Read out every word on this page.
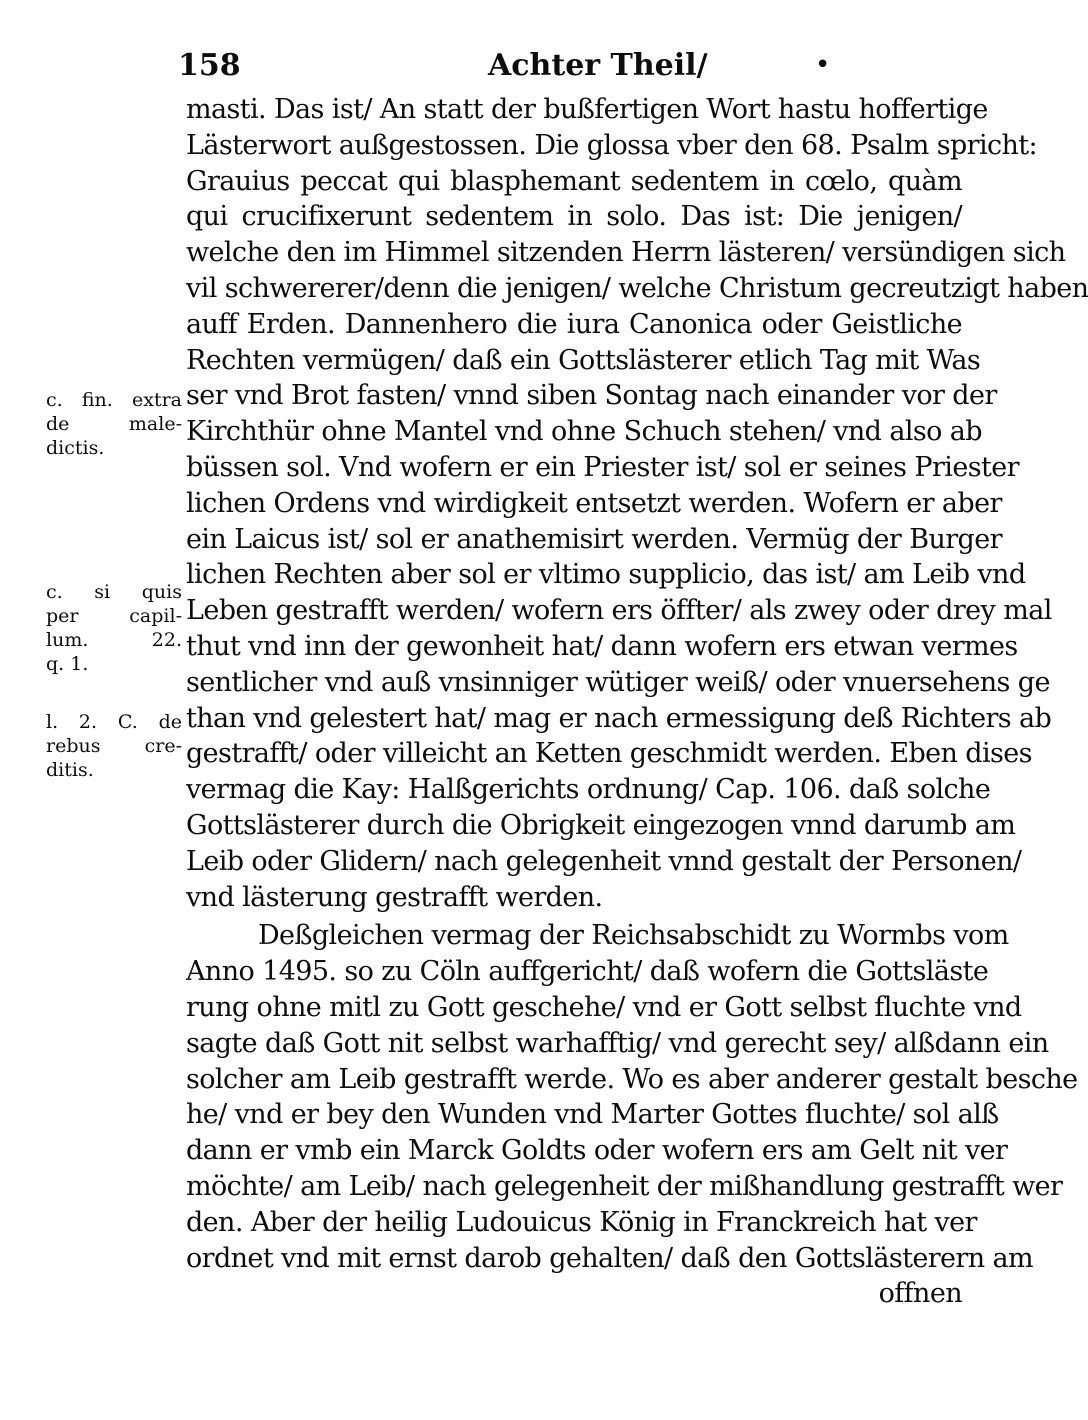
158	Achter Theil/	•
masti. Das ist/ An statt der bußfertigen Wort hastu hoffertige
Lästerwort außgestossen. Die glossa vber den 68. Psalm spricht:
Grauius peccat qui blasphemant sedentem in cœlo, quàm
qui crucifixerunt sedentem in solo. Das ist: Die jenigen/
welche den im Himmel sitzenden Herrn lästeren/ versündigen sich
vil schwererer/denn die jenigen/ welche Christum gecreutzigt haben
auff Erden. Dannenhero die iura Canonica oder Geistliche
Rechten vermügen/ daß ein Gottslästerer etlich Tag mit Was
ser vnd Brot fasten/ vnnd siben Sontag nach einander vor der
Kirchthür ohne Mantel vnd ohne Schuch stehen/ vnd also ab
büssen sol. Vnd wofern er ein Priester ist/ sol er seines Priester
lichen Ordens vnd wirdigkeit entsetzt werden. Wofern er aber
ein Laicus ist/ sol er anathemisirt werden. Vermüg der Burger
lichen Rechten aber sol er vltimo supplicio, das ist/ am Leib vnd
Leben gestrafft werden/ wofern ers öffter/ als zwey oder drey mal
thut vnd inn der gewonheit hat/ dann wofern ers etwan vermes
sentlicher vnd auß vnsinniger wütiger weiß/ oder vnuersehens ge
than vnd gelestert hat/ mag er nach ermessigung deß Richters ab
gestrafft/ oder villeicht an Ketten geschmidt werden. Eben dises
vermag die Kay: Halßgerichts ordnung/ Cap. 106. daß solche
Gottslästerer durch die Obrigkeit eingezogen vnnd darumb am
Leib oder Glidern/ nach gelegenheit vnnd gestalt der Personen/
vnd lästerung gestrafft werden.
Deßgleichen vermag der Reichsabschidt zu Wormbs vom
Anno 1495. so zu Cöln auffgericht/ daß wofern die Gottsläste
rung ohne mitl zu Gott geschehe/ vnd er Gott selbst fluchte vnd
sagte daß Gott nit selbst warhafftig/ vnd gerecht sey/ alßdann ein
solcher am Leib gestrafft werde. Wo es aber anderer gestalt besche
he/ vnd er bey den Wunden vnd Marter Gottes fluchte/ sol alß
dann er vmb ein Marck Goldts oder wofern ers am Gelt nit ver
möchte/ am Leib/ nach gelegenheit der mißhandlung gestrafft wer
den. Aber der heilig Ludouicus König in Franckreich hat ver
ordnet vnd mit ernst darob gehalten/ daß den Gottslästerern am
offnen
c. fin. extra
de male-
dictis.
c. si quis
per capil-
lum. 22.
q. 1.
l. 2. C. de
rebus cre-
ditis.
